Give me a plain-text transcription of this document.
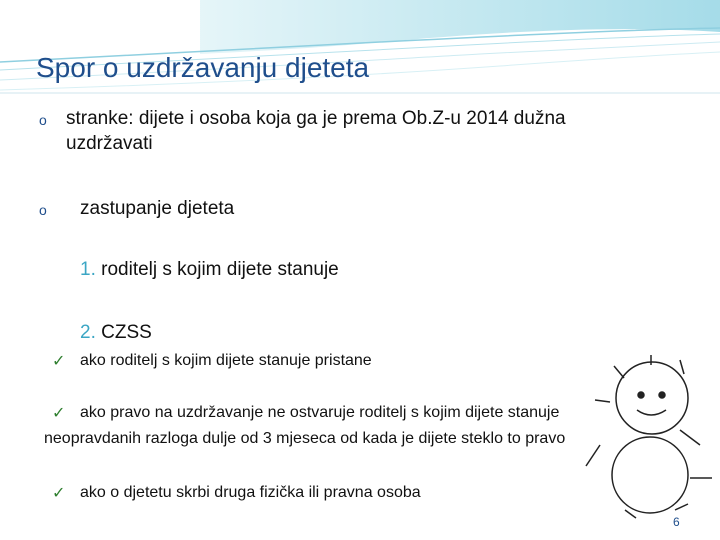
Spor o uzdržavanju djeteta
o stranke: dijete i osoba koja ga je prema Ob.Z-u 2014 dužna
uzdržavati
o zastupanje djeteta
1. roditelj s kojim dijete stanuje
2. CZSS
✓ ako roditelj s kojim dijete stanuje pristane
✓ ako pravo na uzdržavanje ne ostvaruje roditelj s kojim dijete stanuje
neopravdanih razloga dulje od 3 mjeseca od kada je dijete steklo to pravo
✓ ako o djetetu skrbi druga fizička ili pravna osoba
6
